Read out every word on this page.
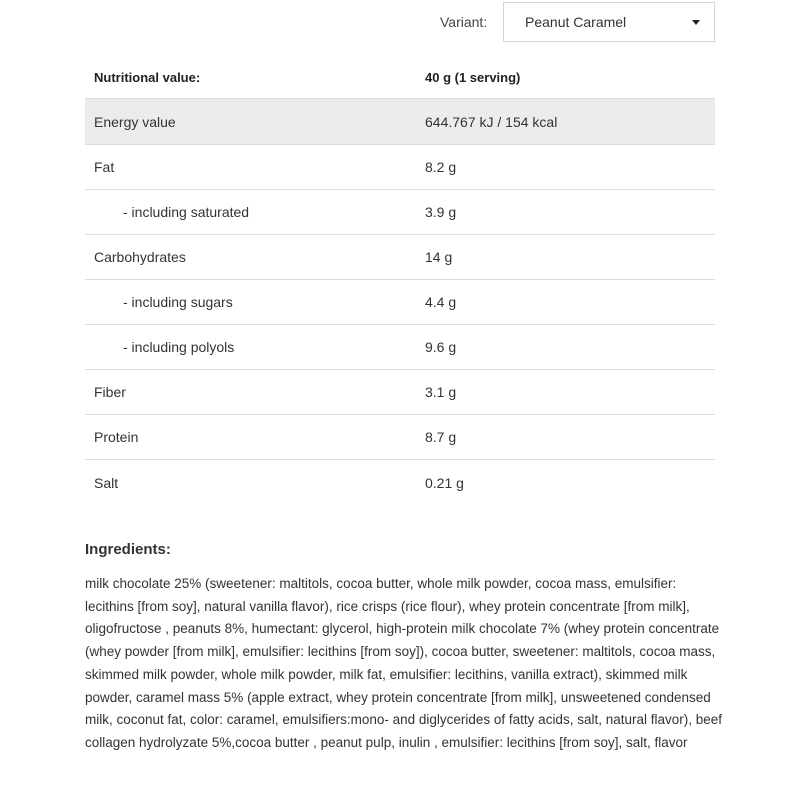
Variant:	Peanut Caramel
Nutritional value:	40 g (1 serving)
Energy value	644.767 kJ / 154 kcal
Fat	8.2 g
- including saturated	3.9 g
Carbohydrates	14 g
- including sugars	4.4 g
- including polyols	9.6 g
Fiber	3.1 g
Protein	8.7 g
Salt	0.21 g
Ingredients:
milk chocolate 25% (sweetener: maltitols, cocoa butter, whole milk powder, cocoa mass, emulsifier: lecithins [from soy], natural vanilla flavor), rice crisps (rice flour), whey protein concentrate [from milk], oligofructose , peanuts 8%, humectant: glycerol, high-protein milk chocolate 7% (whey protein concentrate (whey powder [from milk], emulsifier: lecithins [from soy]), cocoa butter, sweetener: maltitols, cocoa mass, skimmed milk powder, whole milk powder, milk fat, emulsifier: lecithins, vanilla extract), skimmed milk powder, caramel mass 5% (apple extract, whey protein concentrate [from milk], unsweetened condensed milk, coconut fat, color: caramel, emulsifiers:mono- and diglycerides of fatty acids, salt, natural flavor), beef collagen hydrolyzate 5%,cocoa butter , peanut pulp, inulin , emulsifier: lecithins [from soy], salt, flavor
